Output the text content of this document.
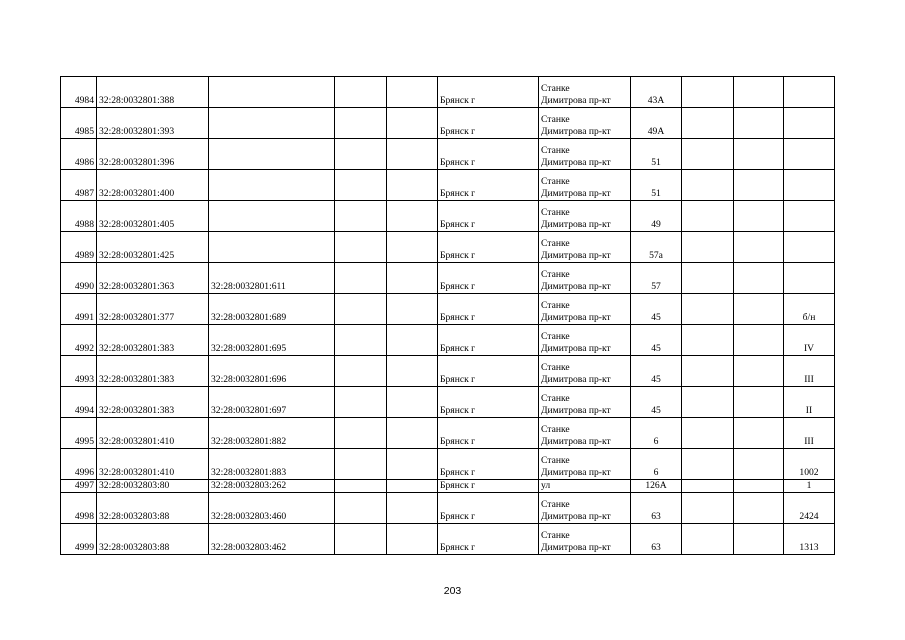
4984	32:28:0032801:388				Брянск г	Станке
Димитрова пр-кт	43А			
4985	32:28:0032801:393				Брянск г	Станке
Димитрова пр-кт	49А			
4986	32:28:0032801:396				Брянск г	Станке
Димитрова пр-кт	51			
4987	32:28:0032801:400				Брянск г	Станке
Димитрова пр-кт	51			
4988	32:28:0032801:405				Брянск г	Станке
Димитрова пр-кт	49			
4989	32:28:0032801:425				Брянск г	Станке
Димитрова пр-кт	57а			
4990	32:28:0032801:363	32:28:0032801:611			Брянск г	Станке
Димитрова пр-кт	57			
4991	32:28:0032801:377	32:28:0032801:689			Брянск г	Станке
Димитрова пр-кт	45			б/н
4992	32:28:0032801:383	32:28:0032801:695			Брянск г	Станке
Димитрова пр-кт	45			IV
4993	32:28:0032801:383	32:28:0032801:696			Брянск г	Станке
Димитрова пр-кт	45			III
4994	32:28:0032801:383	32:28:0032801:697			Брянск г	Станке
Димитрова пр-кт	45			II
4995	32:28:0032801:410	32:28:0032801:882			Брянск г	Станке
Димитрова пр-кт	6			III
4996	32:28:0032801:410	32:28:0032801:883			Брянск г	Станке
Димитрова пр-кт	6			1002
4997	32:28:0032803:80	32:28:0032803:262			Брянск г	ул	126А			1
4998	32:28:0032803:88	32:28:0032803:460			Брянск г	Станке
Димитрова пр-кт	63			2424
4999	32:28:0032803:88	32:28:0032803:462			Брянск г	Станке
Димитрова пр-кт	63			1313
203
